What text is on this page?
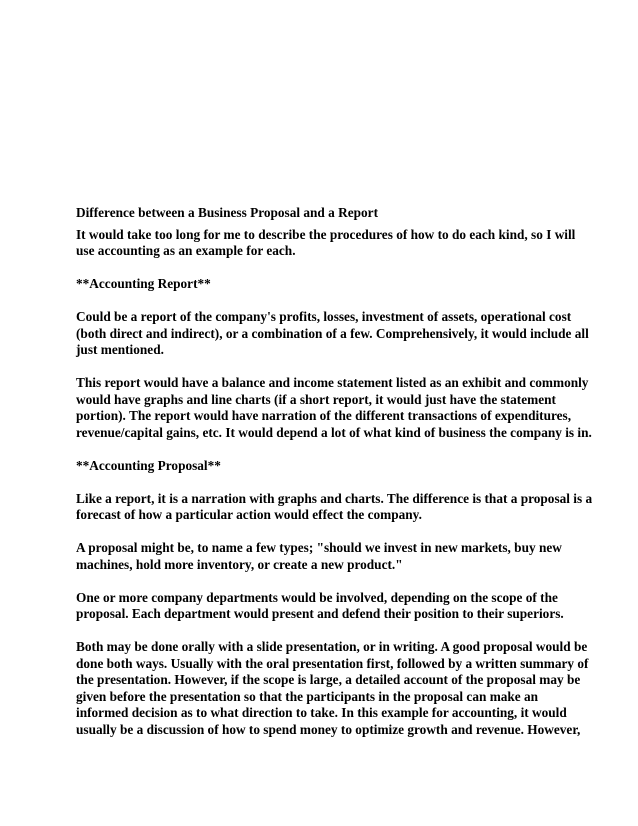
Difference between a Business Proposal and a Report
It would take too long for me to describe the procedures of how to do each kind, so I will
use accounting as an example for each.
**Accounting Report**
Could be a report of the company's profits, losses, investment of assets, operational cost
(both direct and indirect), or a combination of a few. Comprehensively, it would include all
just mentioned.
This report would have a balance and income statement listed as an exhibit and commonly
would have graphs and line charts (if a short report, it would just have the statement
portion). The report would have narration of the different transactions of expenditures,
revenue/capital gains, etc. It would depend a lot of what kind of business the company is in.
**Accounting Proposal**
Like a report, it is a narration with graphs and charts. The difference is that a proposal is a
forecast of how a particular action would effect the company.
A proposal might be, to name a few types; "should we invest in new markets, buy new
machines, hold more inventory, or create a new product."
One or more company departments would be involved, depending on the scope of the
proposal. Each department would present and defend their position to their superiors.
Both may be done orally with a slide presentation, or in writing. A good proposal would be
done both ways. Usually with the oral presentation first, followed by a written summary of
the presentation. However, if the scope is large, a detailed account of the proposal may be
given before the presentation so that the participants in the proposal can make an
informed decision as to what direction to take. In this example for accounting, it would
usually be a discussion of how to spend money to optimize growth and revenue. However,
